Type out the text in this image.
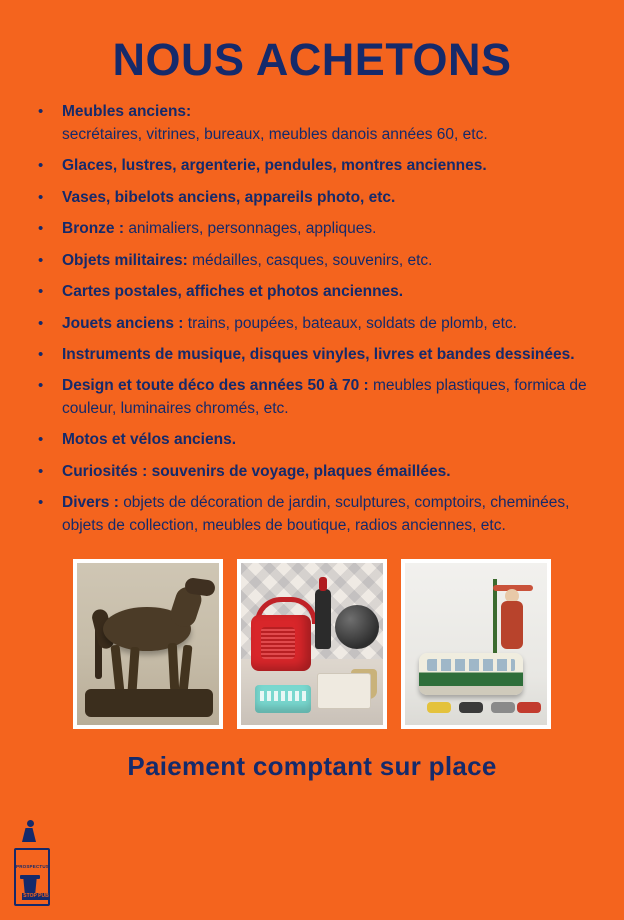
NOUS ACHETONS
• Meubles anciens:
secrétaires, vitrines, bureaux, meubles danois années 60, etc.
• Glaces, lustres, argenterie, pendules, montres anciennes.
• Vases, bibelots anciens, appareils photo, etc.
• Bronze : animaliers, personnages, appliques.
• Objets militaires: médailles, casques, souvenirs, etc.
• Cartes postales, affiches et photos anciennes.
• Jouets anciens : trains, poupées, bateaux, soldats de plomb, etc.
• Instruments de musique, disques vinyles, livres et bandes dessinées.
• Design et toute déco des années 50 à 70 : meubles plastiques, formica de couleur, luminaires chromés, etc.
• Motos et vélos anciens.
• Curiosités : souvenirs de voyage, plaques émaillées.
• Divers : objets de décoration de jardin, sculptures, comptoirs, cheminées, objets de collection, meubles de boutique, radios anciennes, etc.
Paiement comptant sur place
PROSPECTUS
STOP PUB
